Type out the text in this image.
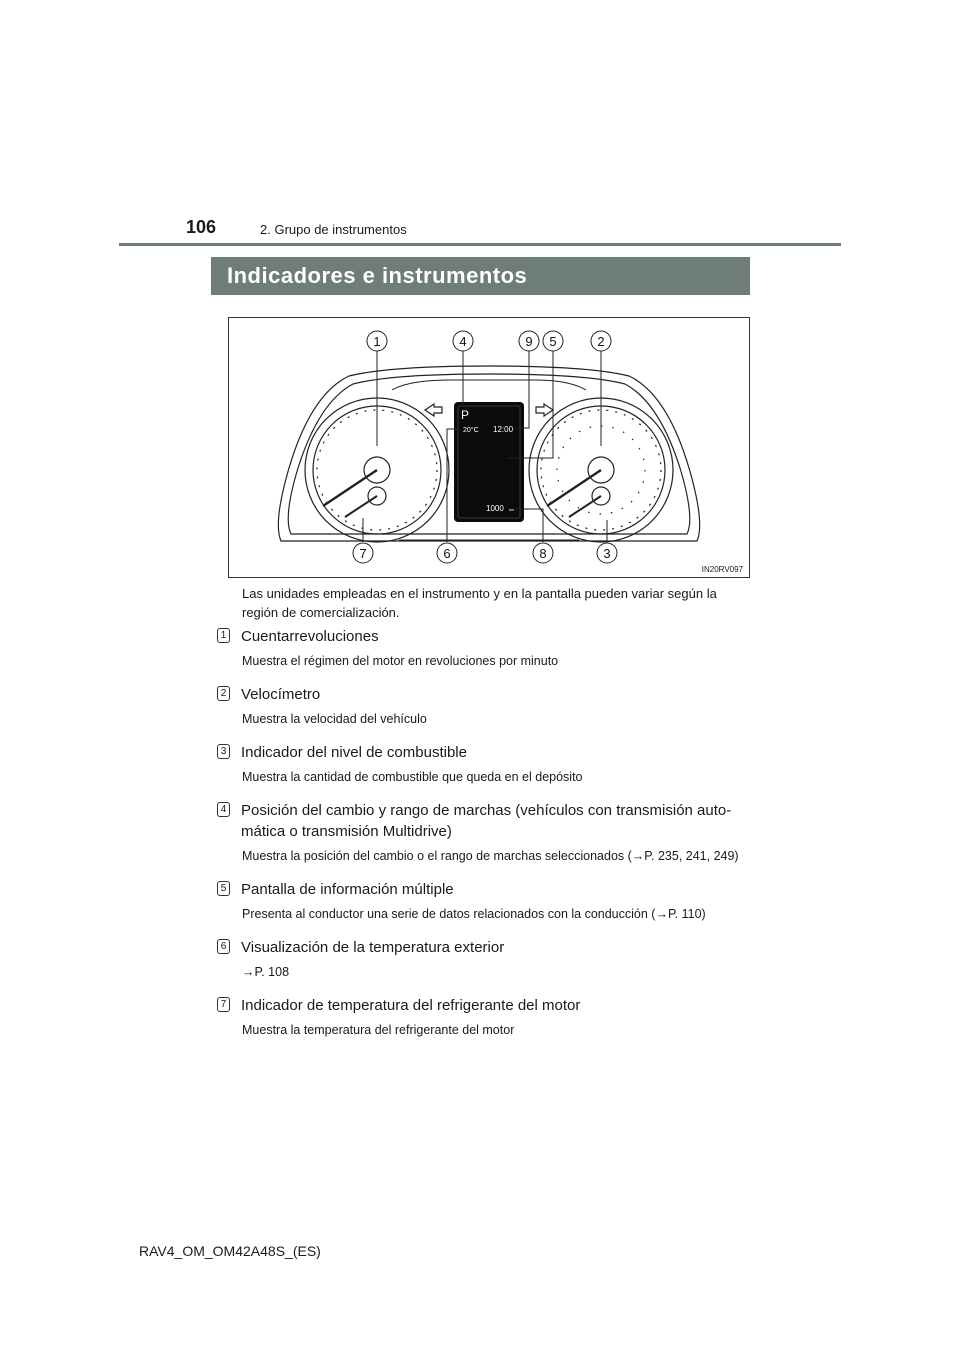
106	2. Grupo de instrumentos
Indicadores e instrumentos
P
20°C 12:00
1000 km
1	4	9 5	2
7	6	8	3
IN20RV097
Las unidades empleadas en el instrumento y en la pantalla pueden variar según la región de comercialización.
1 Cuentarrevoluciones
Muestra el régimen del motor en revoluciones por minuto
2 Velocímetro
Muestra la velocidad del vehículo
3 Indicador del nivel de combustible
Muestra la cantidad de combustible que queda en el depósito
4 Posición del cambio y rango de marchas (vehículos con transmisión auto-mática o transmisión Multidrive)
Muestra la posición del cambio o el rango de marchas seleccionados (→P. 235, 241, 249)
5 Pantalla de información múltiple
Presenta al conductor una serie de datos relacionados con la conducción (→P. 110)
6 Visualización de la temperatura exterior
→P. 108
7 Indicador de temperatura del refrigerante del motor
Muestra la temperatura del refrigerante del motor
RAV4_OM_OM42A48S_(ES)
